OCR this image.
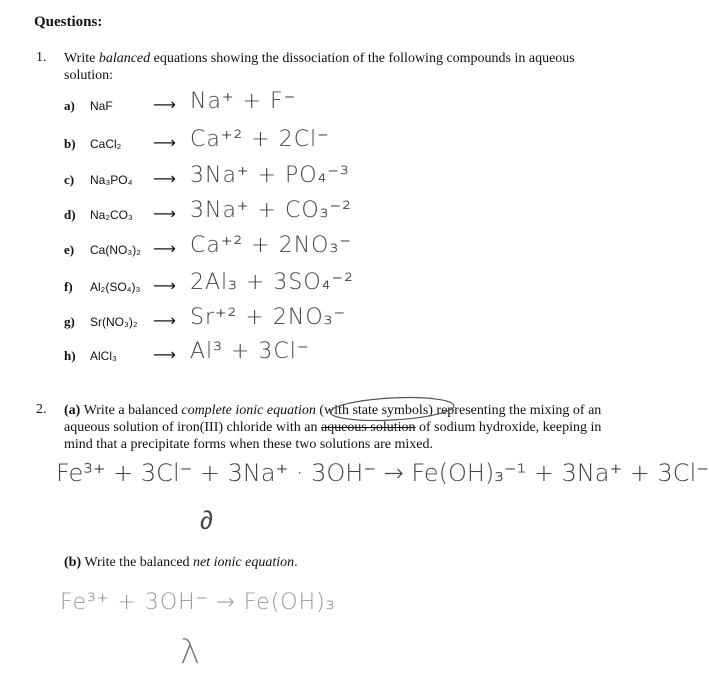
Questions:
1. Write balanced equations showing the dissociation of the following compounds in aqueous
solution:
a) NaF	⟶ Na⁺ + F⁻
b) CaCl₂ ⟶ Ca⁺² + 2Cl⁻
c) Na₃PO₄ ⟶ 3Na⁺ + PO₄⁻³
d) Na₂CO₃ ⟶ 3Na⁺ + CO₃⁻²
e) Ca(NO₃)₂ ⟶ Ca⁺² + 2NO₃⁻
f) Al₂(SO₄)₃ ⟶ 2Al₃ + 3SO₄⁻²
g) Sr(NO₃)₂ ⟶ Sr⁺² + 2NO₃⁻
h) AlCl₃ ⟶ Al³ + 3Cl⁻
2. (a) Write a balanced complete ionic equation (with state symbols) representing the mixing of an
aqueous solution of iron(III) chloride with an aqueous solution of sodium hydroxide, keeping in
mind that a precipitate forms when these two solutions are mixed.
Fe³⁺ + 3Cl⁻ + 3Na⁺ · 3OH⁻ → Fe(OH)₃⁻¹ + 3Na⁺ + 3Cl⁻
∂
(b) Write the balanced net ionic equation.
Fe³⁺ + 3OH⁻ → Fe(OH)₃
λ
